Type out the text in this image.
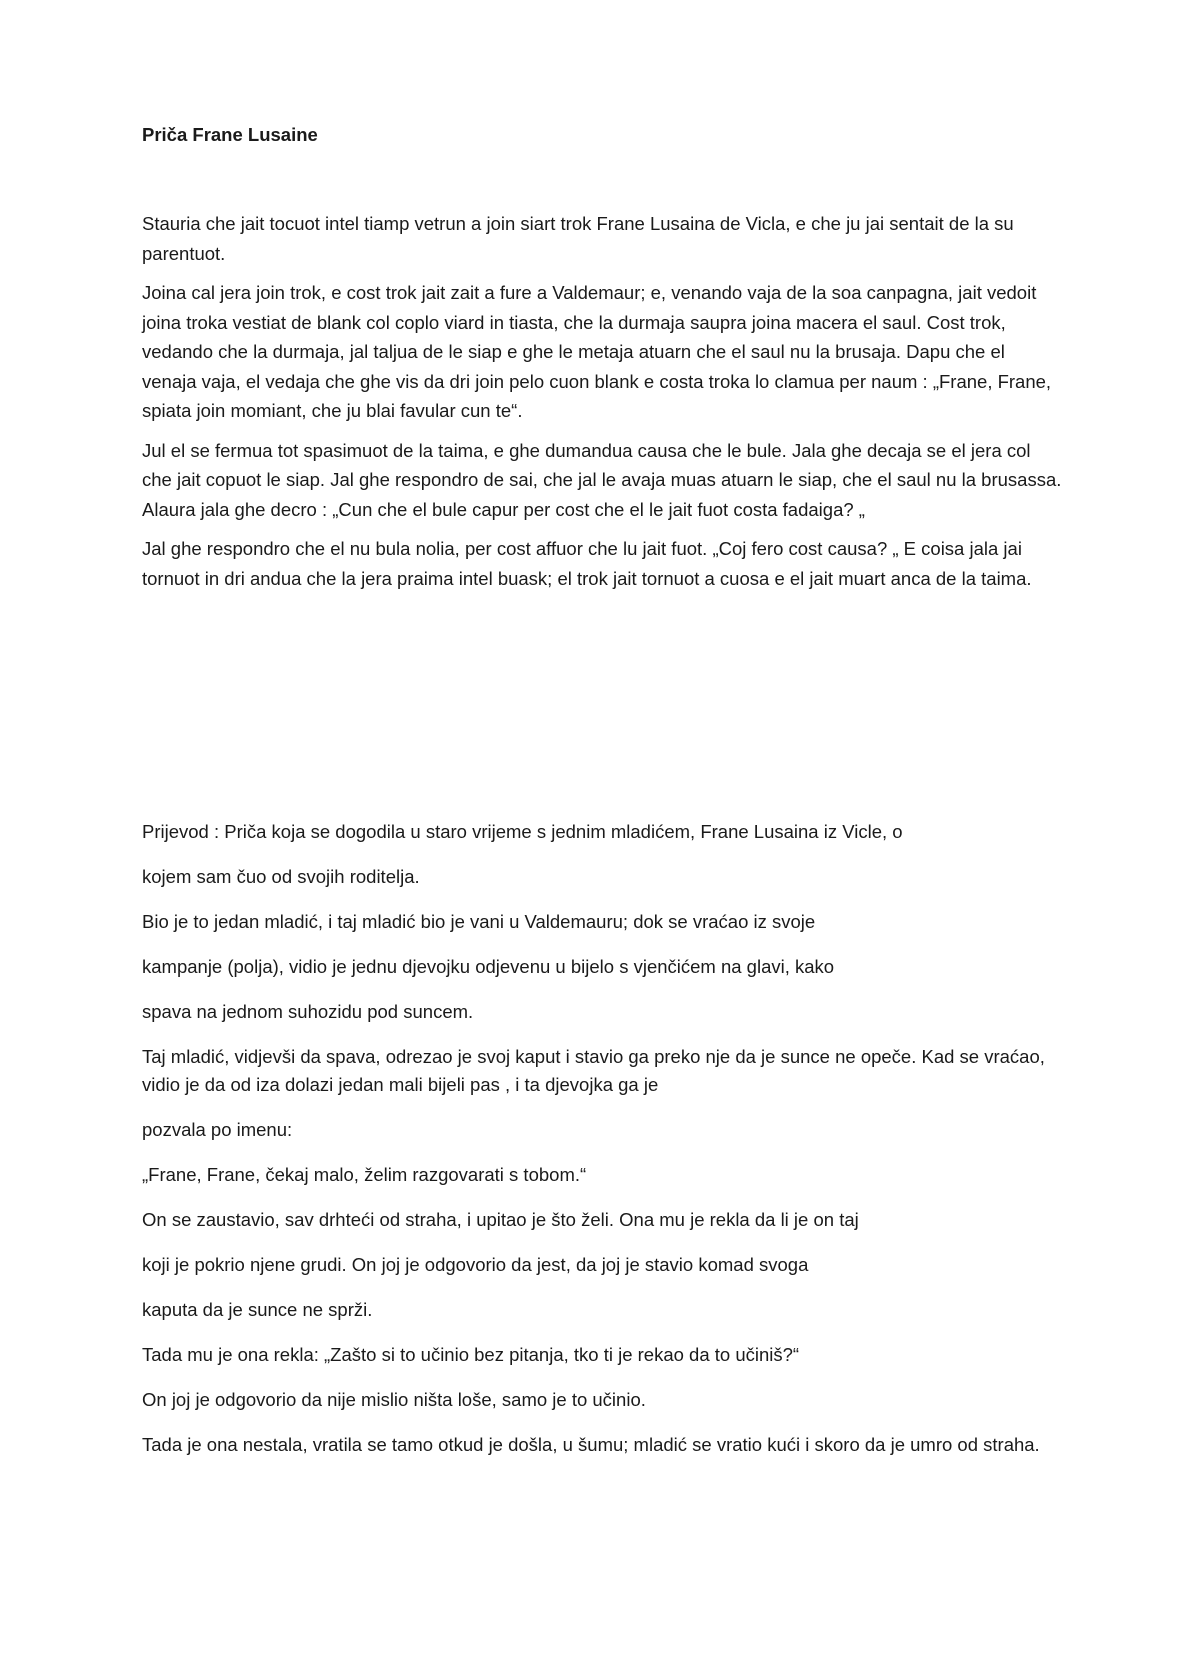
Priča Frane Lusaine

Stauria che jait tocuot intel tiamp vetrun a join siart trok Frane Lusaina de Vicla, e che ju jai sentait de la su parentuot.

Joina cal jera join trok, e cost trok jait zait a fure a Valdemaur; e, venando vaja de la soa canpagna, jait vedoit joina troka vestiat de blank col coplo viard in tiasta, che la durmaja saupra joina macera el saul. Cost trok, vedando che la durmaja, jal taljua de le siap e ghe le metaja atuarn che el saul nu la brusaja. Dapu che el venaja vaja, el vedaja che ghe vis da dri join pelo cuon blank e costa troka lo clamua per naum : „Frane, Frane, spiata join momiant, che ju blai favular cun te“.

Jul el se fermua tot spasimuot de la taima, e ghe dumandua causa che le bule. Jala ghe decaja se el jera col che jait copuot le siap. Jal ghe respondro de sai, che jal le avaja muas atuarn le siap, che el saul nu la brusassa. Alaura jala ghe decro : „Cun che el bule capur per cost che el le jait fuot costa fadaiga? „

Jal ghe respondro che el nu bula nolia, per cost affuor che lu jait fuot. „Coj fero cost causa? „ E coisa jala jai tornuot in dri andua che la jera praima intel buask; el trok jait tornuot a cuosa e el jait muart anca de la taima.

Prijevod : Priča koja se dogodila u staro vrijeme s jednim mladićem, Frane Lusaina iz Vicle, o

kojem sam čuo od svojih roditelja.

Bio je to jedan mladić, i taj mladić bio je vani u Valdemauru; dok se vraćao iz svoje

kampanje (polja), vidio je jednu djevojku odjevenu u bijelo s vjenčićem na glavi, kako

spava na jednom suhozidu pod suncem.

Taj mladić, vidjevši da spava, odrezao je svoj kaput i stavio ga preko nje da je sunce ne opeče. Kad se vraćao, vidio je da od iza dolazi jedan mali bijeli pas , i ta djevojka ga je

pozvala po imenu:

„Frane, Frane, čekaj malo, želim razgovarati s tobom.“

On se zaustavio, sav drhteći od straha, i upitao je što želi. Ona mu je rekla da li je on taj

koji je pokrio njene grudi. On joj je odgovorio da jest, da joj je stavio komad svoga

kaputa da je sunce ne sprži.

Tada mu je ona rekla: „Zašto si to učinio bez pitanja, tko ti je rekao da to učiniš?“

On joj je odgovorio da nije mislio ništa loše, samo je to učinio.

Tada je ona nestala, vratila se tamo otkud je došla, u šumu; mladić se vratio kući i skoro da je umro od straha.
